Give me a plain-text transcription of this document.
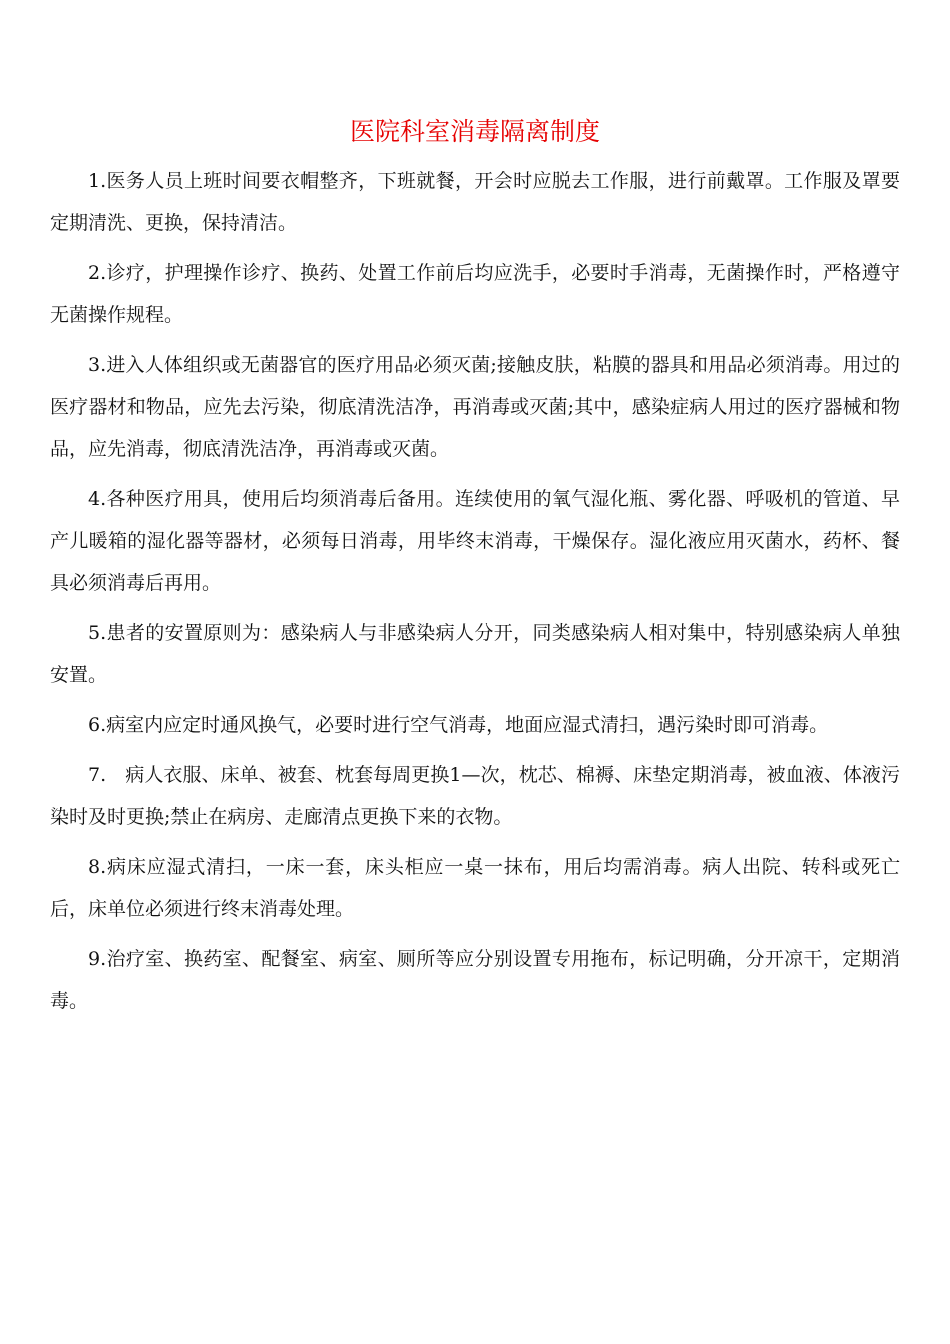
医院科室消毒隔离制度

1.医务人员上班时间要衣帽整齐，下班就餐，开会时应脱去工作服，进行前戴罩。工作服及罩要定期清洗、更换，保持清洁。

2.诊疗，护理操作诊疗、换药、处置工作前后均应洗手，必要时手消毒，无菌操作时，严格遵守无菌操作规程。

3.进入人体组织或无菌器官的医疗用品必须灭菌;接触皮肤，粘膜的器具和用品必须消毒。用过的医疗器材和物品，应先去污染，彻底清洗洁净，再消毒或灭菌;其中，感染症病人用过的医疗器械和物品，应先消毒，彻底清洗洁净，再消毒或灭菌。

4.各种医疗用具，使用后均须消毒后备用。连续使用的氧气湿化瓶、雾化器、呼吸机的管道、早产儿暖箱的湿化器等器材，必须每日消毒，用毕终末消毒，干燥保存。湿化液应用灭菌水，药杯、餐具必须消毒后再用。

5.患者的安置原则为：感染病人与非感染病人分开，同类感染病人相对集中，特别感染病人单独安置。

6.病室内应定时通风换气，必要时进行空气消毒，地面应湿式清扫，遇污染时即可消毒。

7.　病人衣服、床单、被套、枕套每周更换1—次，枕芯、棉褥、床垫定期消毒，被血液、体液污染时及时更换;禁止在病房、走廊清点更换下来的衣物。

8.病床应湿式清扫，一床一套，床头柜应一桌一抹布，用后均需消毒。病人出院、转科或死亡后，床单位必须进行终末消毒处理。

9.治疗室、换药室、配餐室、病室、厕所等应分别设置专用拖布，标记明确，分开凉干，定期消毒。
